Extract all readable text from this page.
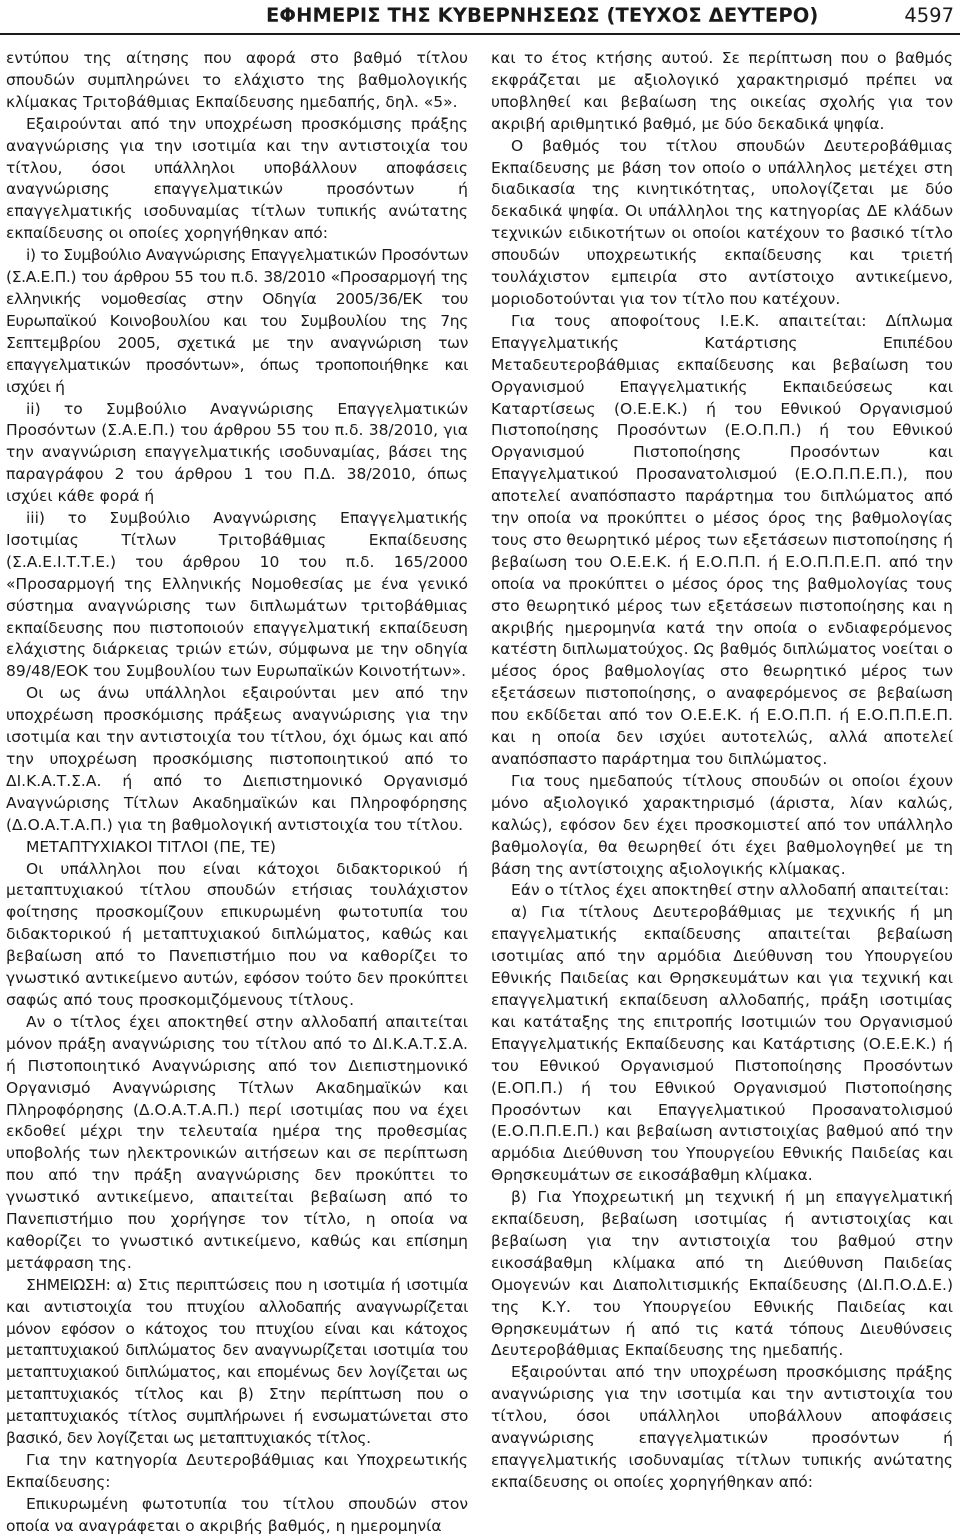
ΕΦΗΜΕΡΙΣ ΤΗΣ ΚΥΒΕΡΝΗΣΕΩΣ (ΤΕΥΧΟΣ ΔΕΥΤΕΡΟ)	4597

εντύπου της αίτησης που αφορά στο βαθμό τίτλου σπουδών συμπληρώνει το ελάχιστο της βαθμολογικής κλίμακας Τριτοβάθμιας Εκπαίδευσης ημεδαπής, δηλ. «5».

Εξαιρούνται από την υποχρέωση προσκόμισης πράξης αναγνώρισης για την ισοτιμία και την αντιστοιχία του τίτλου, όσοι υπάλληλοι υποβάλλουν αποφάσεις αναγνώρισης επαγγελματικών προσόντων ή επαγγελματικής ισοδυναμίας τίτλων τυπικής ανώτατης εκπαίδευσης οι οποίες χορηγήθηκαν από:

i) το Συμβούλιο Αναγνώρισης Επαγγελματικών Προσόντων (Σ.Α.Ε.Π.) του άρθρου 55 του π.δ. 38/2010 «Προσαρμογή της ελληνικής νομοθεσίας στην Οδηγία 2005/36/ΕΚ του Ευρωπαϊκού Κοινοβουλίου και του Συμβουλίου της 7ης Σεπτεμβρίου 2005, σχετικά με την αναγνώριση των επαγγελματικών προσόντων», όπως τροποποιήθηκε και ισχύει ή

ii) το Συμβούλιο Αναγνώρισης Επαγγελματικών Προσόντων (Σ.Α.Ε.Π.) του άρθρου 55 του π.δ. 38/2010, για την αναγνώριση επαγγελματικής ισοδυναμίας, βάσει της παραγράφου 2 του άρθρου 1 του Π.Δ. 38/2010, όπως ισχύει κάθε φορά ή

iii) το Συμβούλιο Αναγνώρισης Επαγγελματικής Ισοτιμίας Τίτλων Τριτοβάθμιας Εκπαίδευσης (Σ.Α.Ε.Ι.Τ.Τ.Ε.) του άρθρου 10 του π.δ. 165/2000 «Προσαρμογή της Ελληνικής Νομοθεσίας με ένα γενικό σύστημα αναγνώρισης των διπλωμάτων τριτοβάθμιας εκπαίδευσης που πιστοποιούν επαγγελματική εκπαίδευση ελάχιστης διάρκειας τριών ετών, σύμφωνα με την οδηγία 89/48/ΕΟΚ του Συμβουλίου των Ευρωπαϊκών Κοινοτήτων».

Οι ως άνω υπάλληλοι εξαιρούνται μεν από την υποχρέωση προσκόμισης πράξεως αναγνώρισης για την ισοτιμία και την αντιστοιχία του τίτλου, όχι όμως και από την υποχρέωση προσκόμισης πιστοποιητικού από το ΔΙ.Κ.Α.Τ.Σ.Α. ή από το Διεπιστημονικό Οργανισμό Αναγνώρισης Τίτλων Ακαδημαϊκών και Πληροφόρησης (Δ.Ο.Α.Τ.Α.Π.) για τη βαθμολογική αντιστοιχία του τίτλου.

ΜΕΤΑΠΤΥΧΙΑΚΟΙ ΤΙΤΛΟΙ (ΠΕ, ΤΕ)

Οι υπάλληλοι που είναι κάτοχοι διδακτορικού ή μεταπτυχιακού τίτλου σπουδών ετήσιας τουλάχιστον φοίτησης προσκομίζουν επικυρωμένη φωτοτυπία του διδακτορικού ή μεταπτυχιακού διπλώματος, καθώς και βεβαίωση από το Πανεπιστήμιο που να καθορίζει το γνωστικό αντικείμενο αυτών, εφόσον τούτο δεν προκύπτει σαφώς από τους προσκομιζόμενους τίτλους.

Αν ο τίτλος έχει αποκτηθεί στην αλλοδαπή απαιτείται μόνον πράξη αναγνώρισης του τίτλου από το ΔΙ.Κ.Α.Τ.Σ.Α. ή Πιστοποιητικό Αναγνώρισης από τον Διεπιστημονικό Οργανισμό Αναγνώρισης Τίτλων Ακαδημαϊκών και Πληροφόρησης (Δ.Ο.Α.Τ.Α.Π.) περί ισοτιμίας που να έχει εκδοθεί μέχρι την τελευταία ημέρα της προθεσμίας υποβολής των ηλεκτρονικών αιτήσεων και σε περίπτωση που από την πράξη αναγνώρισης δεν προκύπτει το γνωστικό αντικείμενο, απαιτείται βεβαίωση από το Πανεπιστήμιο που χορήγησε τον τίτλο, η οποία να καθορίζει το γνωστικό αντικείμενο, καθώς και επίσημη μετάφραση της.

ΣΗΜΕΙΩΣΗ: α) Στις περιπτώσεις που η ισοτιμία ή ισοτιμία και αντιστοιχία του πτυχίου αλλοδαπής αναγνωρίζεται μόνον εφόσον ο κάτοχος του πτυχίου είναι και κάτοχος μεταπτυχιακού διπλώματος δεν αναγνωρίζεται ισοτιμία του μεταπτυχιακού διπλώματος, και επομένως δεν λογίζεται ως μεταπτυχιακός τίτλος και β) Στην περίπτωση που ο μεταπτυχιακός τίτλος συμπλήρωνει ή ενσωματώνεται στο βασικό, δεν λογίζεται ως μεταπτυχιακός τίτλος.

Για την κατηγορία Δευτεροβάθμιας και Υποχρεωτικής Εκπαίδευσης:

Επικυρωμένη φωτοτυπία του τίτλου σπουδών στον οποία να αναγράφεται ο ακριβής βαθμός, η ημερομηνία

και το έτος κτήσης αυτού. Σε περίπτωση που ο βαθμός εκφράζεται με αξιολογικό χαρακτηρισμό πρέπει να υποβληθεί και βεβαίωση της οικείας σχολής για τον ακριβή αριθμητικό βαθμό, με δύο δεκαδικά ψηφία.

Ο βαθμός του τίτλου σπουδών Δευτεροβάθμιας Εκπαίδευσης με βάση τον οποίο ο υπάλληλος μετέχει στη διαδικασία της κινητικότητας, υπολογίζεται με δύο δεκαδικά ψηφία. Οι υπάλληλοι της κατηγορίας ΔΕ κλάδων τεχνικών ειδικοτήτων οι οποίοι κατέχουν το βασικό τίτλο σπουδών υποχρεωτικής εκπαίδευσης και τριετή τουλάχιστον εμπειρία στο αντίστοιχο αντικείμενο, μοριοδοτούνται για τον τίτλο που κατέχουν.

Για τους αποφοίτους Ι.Ε.Κ. απαιτείται: Δίπλωμα Επαγγελματικής Κατάρτισης Επιπέδου Μεταδευτεροβάθμιας εκπαίδευσης και βεβαίωση του Οργανισμού Επαγγελματικής Εκπαιδεύσεως και Καταρτίσεως (Ο.Ε.Ε.Κ.) ή του Εθνικού Οργανισμού Πιστοποίησης Προσόντων (Ε.Ο.Π.Π.) ή του Εθνικού Οργανισμού Πιστοποίησης Προσόντων και Επαγγελματικού Προσανατολισμού (Ε.Ο.Π.Π.Ε.Π.), που αποτελεί αναπόσπαστο παράρτημα του διπλώματος από την οποία να προκύπτει ο μέσος όρος της βαθμολογίας τους στο θεωρητικό μέρος των εξετάσεων πιστοποίησης ή βεβαίωση του Ο.Ε.Ε.Κ. ή Ε.Ο.Π.Π. ή Ε.Ο.Π.Π.Ε.Π. από την οποία να προκύπτει ο μέσος όρος της βαθμολογίας τους στο θεωρητικό μέρος των εξετάσεων πιστοποίησης και η ακριβής ημερομηνία κατά την οποία ο ενδιαφερόμενος κατέστη διπλωματούχος. Ως βαθμός διπλώματος νοείται ο μέσος όρος βαθμολογίας στο θεωρητικό μέρος των εξετάσεων πιστοποίησης, ο αναφερόμενος σε βεβαίωση που εκδίδεται από τον Ο.Ε.Ε.Κ. ή Ε.Ο.Π.Π. ή Ε.Ο.Π.Π.Ε.Π. και η οποία δεν ισχύει αυτοτελώς, αλλά αποτελεί αναπόσπαστο παράρτημα του διπλώματος.

Για τους ημεδαπούς τίτλους σπουδών οι οποίοι έχουν μόνο αξιολογικό χαρακτηρισμό (άριστα, λίαν καλώς, καλώς), εφόσον δεν έχει προσκομιστεί από τον υπάλληλο βαθμολογία, θα θεωρηθεί ότι έχει βαθμολογηθεί με τη βάση της αντίστοιχης αξιολογικής κλίμακας.

Εάν ο τίτλος έχει αποκτηθεί στην αλλοδαπή απαιτείται:

α) Για τίτλους Δευτεροβάθμιας με τεχνικής ή μη επαγγελματικής εκπαίδευσης απαιτείται βεβαίωση ισοτιμίας από την αρμόδια Διεύθυνση του Υπουργείου Εθνικής Παιδείας και Θρησκευμάτων και για τεχνική και επαγγελματική εκπαίδευση αλλοδαπής, πράξη ισοτιμίας και κατάταξης της επιτροπής Ισοτιμιών του Οργανισμού Επαγγελματικής Εκπαίδευσης και Κατάρτισης (Ο.Ε.Ε.Κ.) ή του Εθνικού Οργανισμού Πιστοποίησης Προσόντων (Ε.ΟΠ.Π.) ή του Εθνικού Οργανισμού Πιστοποίησης Προσόντων και Επαγγελματικού Προσανατολισμού (Ε.Ο.Π.Π.Ε.Π.) και βεβαίωση αντιστοιχίας βαθμού από την αρμόδια Διεύθυνση του Υπουργείου Εθνικής Παιδείας και Θρησκευμάτων σε εικοσάβαθμη κλίμακα.

β) Για Υποχρεωτική μη τεχνική ή μη επαγγελματική εκπαίδευση, βεβαίωση ισοτιμίας ή αντιστοιχίας και βεβαίωση για την αντιστοιχία του βαθμού στην εικοσάβαθμη κλίμακα από τη Διεύθυνση Παιδείας Ομογενών και Διαπολιτισμικής Εκπαίδευσης (ΔΙ.Π.Ο.Δ.Ε.) της Κ.Υ. του Υπουργείου Εθνικής Παιδείας και Θρησκευμάτων ή από τις κατά τόπους Διευθύνσεις Δευτεροβάθμιας Εκπαίδευσης της ημεδαπής.

Εξαιρούνται από την υποχρέωση προσκόμισης πράξης αναγνώρισης για την ισοτιμία και την αντιστοιχία του τίτλου, όσοι υπάλληλοι υποβάλλουν αποφάσεις αναγνώρισης επαγγελματικών προσόντων ή επαγγελματικής ισοδυναμίας τίτλων τυπικής ανώτατης εκπαίδευσης οι οποίες χορηγήθηκαν από:
